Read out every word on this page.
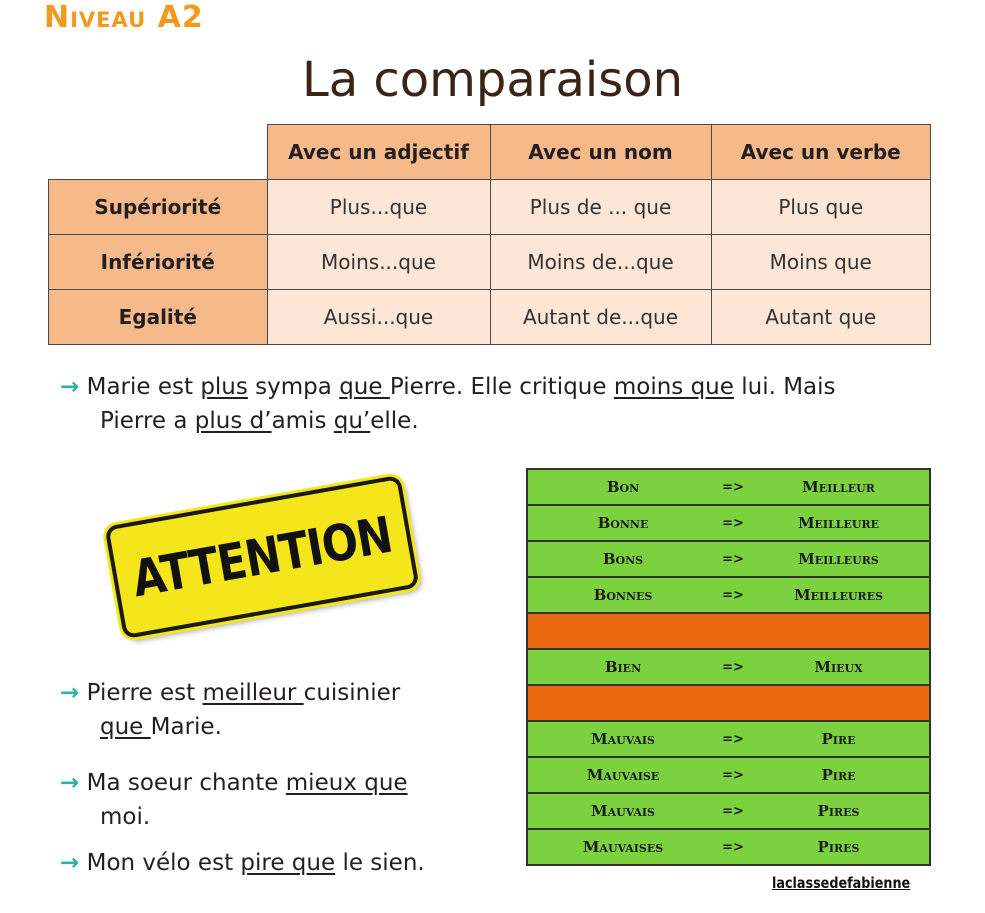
Niveau A2
La comparaison
	Avec un adjectif	Avec un nom	Avec un verbe
Supériorité	Plus...que	Plus de ... que	Plus que
Infériorité	Moins...que	Moins de...que	Moins que
Egalité	Aussi...que	Autant de...que	Autant que
→ Marie est plus sympa que Pierre. Elle critique moins que lui. Mais
Pierre a plus d’amis qu’elle.
ATTENTION
→ Pierre est meilleur cuisinier
que Marie.
→ Ma soeur chante mieux que
moi.
→ Mon vélo est pire que le sien.
Bon	=>	Meilleur
Bonne	=>	Meilleure
Bons	=>	Meilleurs
Bonnes	=>	Meilleures
Bien	=>	Mieux
Mauvais	=>	Pire
Mauvaise	=>	Pire
Mauvais	=>	Pires
Mauvaises	=>	Pires
laclassedefabienne
